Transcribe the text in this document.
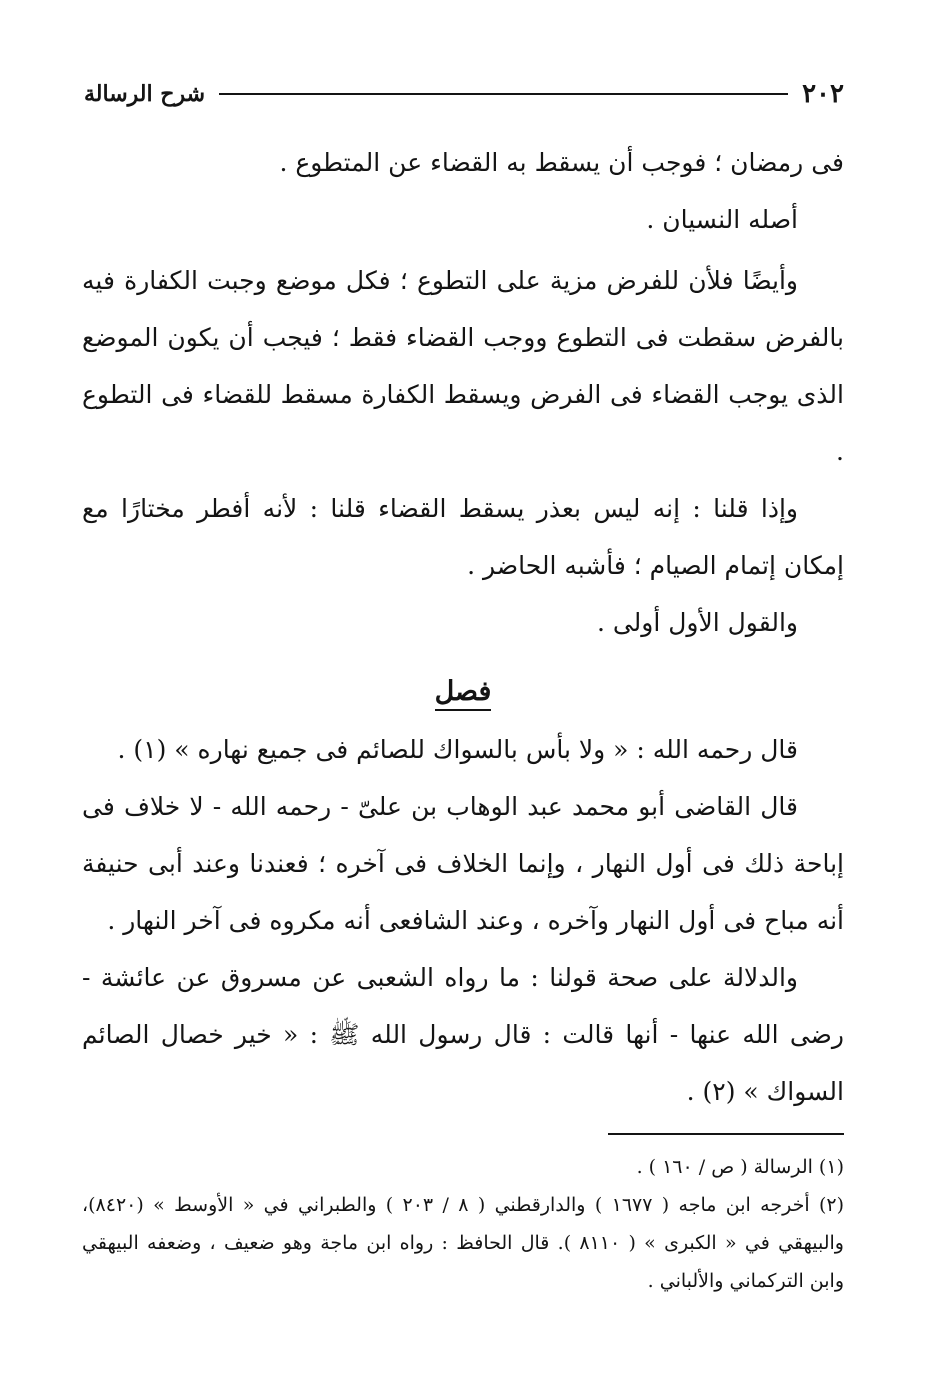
٢٠٢
شرح الرسالة

فى رمضان ؛ فوجب أن يسقط به القضاء عن المتطوع .

أصله النسيان .

وأيضًا فلأن للفرض مزية على التطوع ؛ فكل موضع وجبت الكفارة فيه بالفرض سقطت فى التطوع ووجب القضاء فقط ؛ فيجب أن يكون الموضع الذى يوجب القضاء فى الفرض ويسقط الكفارة مسقط للقضاء فى التطوع .

وإذا قلنا : إنه ليس بعذر يسقط القضاء قلنا : لأنه أفطر مختارًا مع إمكان إتمام الصيام ؛ فأشبه الحاضر .

والقول الأول أولى .

فصل

قال رحمه الله : « ولا بأس بالسواك للصائم فى جميع نهاره » (١) .

قال القاضى أبو محمد عبد الوهاب بن علىّ - رحمه الله - لا خلاف فى إباحة ذلك فى أول النهار ، وإنما الخلاف فى آخره ؛ فعندنا وعند أبى حنيفة أنه مباح فى أول النهار وآخره ، وعند الشافعى أنه مكروه فى آخر النهار .

والدلالة على صحة قولنا : ما رواه الشعبى عن مسروق عن عائشة - رضى الله عنها - أنها قالت : قال رسول الله ﷺ : « خير خصال الصائم السواك » (٢) .

(١) الرسالة ( ص / ١٦٠ ) .

(٢) أخرجه ابن ماجه ( ١٦٧٧ ) والدارقطني ( ٨ / ٢٠٣ ) والطبراني في « الأوسط » (٨٤٢٠)، والبيهقي في « الكبرى » ( ٨١١٠ ). قال الحافظ : رواه ابن ماجة وهو ضعيف ، وضعفه البيهقي وابن التركماني والألباني .
